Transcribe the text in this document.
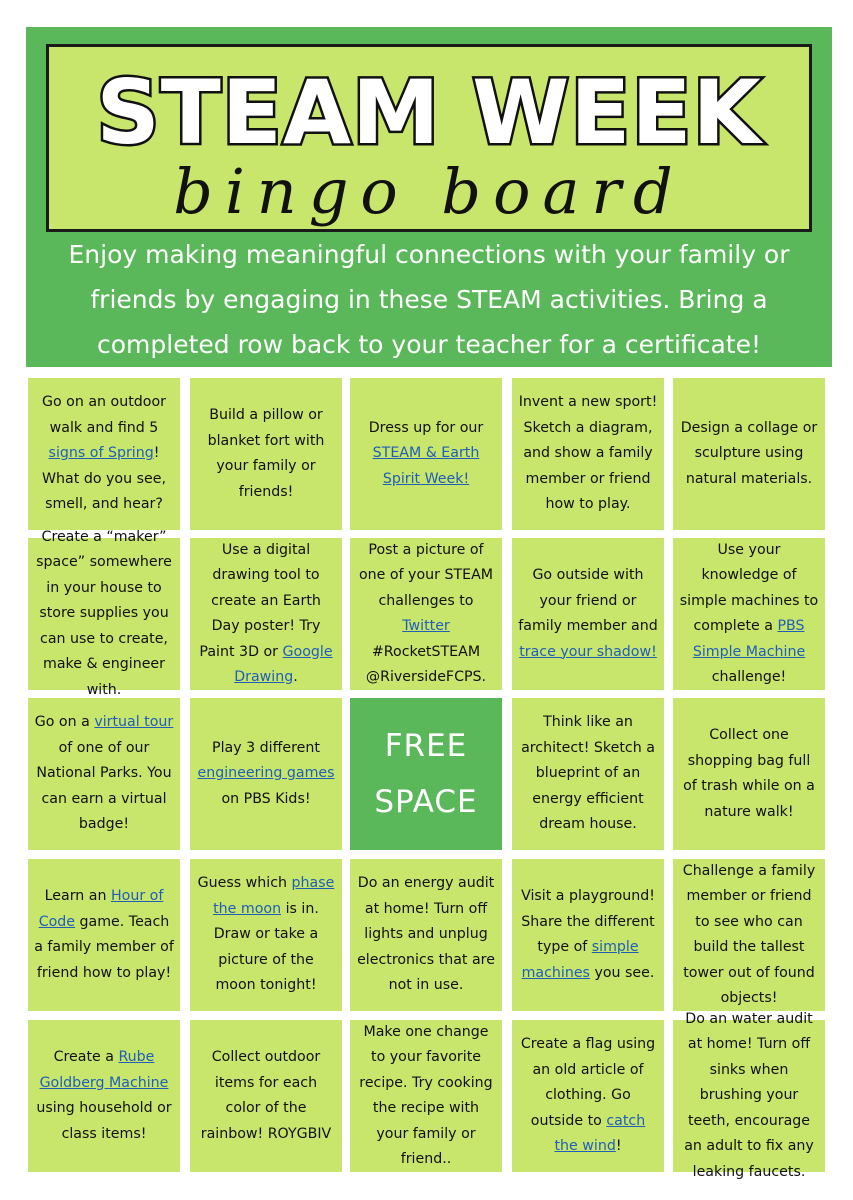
STEAM WEEK
bingo board
Enjoy making meaningful connections with your family or
friends by engaging in these STEAM activities. Bring a
completed row back to your teacher for a certificate!
Go on an outdoor walk and find 5 signs of Spring! What do you see, smell, and hear?
Build a pillow or blanket fort with your family or friends!
Dress up for our STEAM & Earth Spirit Week!
Invent a new sport! Sketch a diagram, and show a family member or friend how to play.
Design a collage or sculpture using natural materials.
Create a “maker” space” somewhere in your house to store supplies you can use to create, make & engineer with.
Use a digital drawing tool to create an Earth Day poster! Try Paint 3D or Google Drawing.
Post a picture of one of your STEAM challenges to Twitter #RocketSTEAM @RiversideFCPS.
Go outside with your friend or family member and trace your shadow!
Use your knowledge of simple machines to complete a PBS Simple Machine challenge!
Go on a virtual tour of one of our National Parks. You can earn a virtual badge!
Play 3 different engineering games on PBS Kids!
FREE SPACE
Think like an architect! Sketch a blueprint of an energy efficient dream house.
Collect one shopping bag full of trash while on a nature walk!
Learn an Hour of Code game. Teach a family member of friend how to play!
Guess which phase the moon is in. Draw or take a picture of the moon tonight!
Do an energy audit at home! Turn off lights and unplug electronics that are not in use.
Visit a playground! Share the different type of simple machines you see.
Challenge a family member or friend to see who can build the tallest tower out of found objects!
Create a Rube Goldberg Machine using household or class items!
Collect outdoor items for each color of the rainbow! ROYGBIV
Make one change to your favorite recipe. Try cooking the recipe with your family or friend..
Create a flag using an old article of clothing. Go outside to catch the wind!
Do an water audit at home! Turn off sinks when brushing your teeth, encourage an adult to fix any leaking faucets.
